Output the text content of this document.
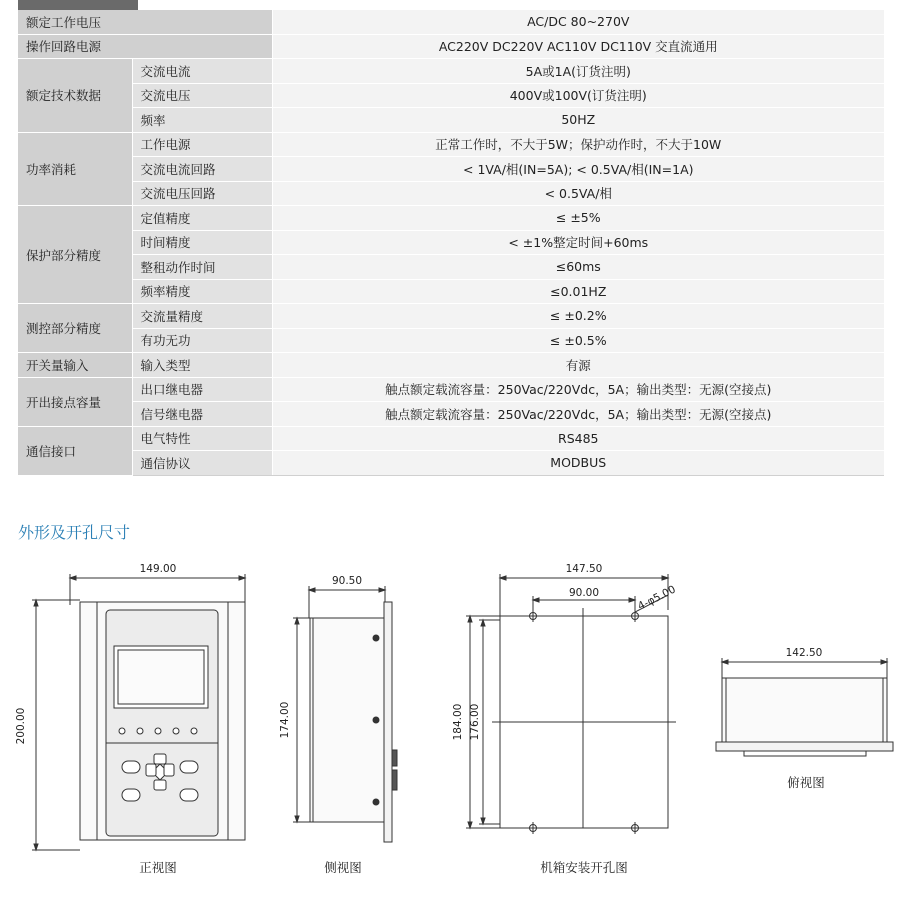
额定工作电压		AC/DC 80~270V
操作回路电源		AC220V DC220V AC110V DC110V 交直流通用
额定技术数据	交流电流	5A或1A(订货注明)
	交流电压	400V或100V(订货注明)
	频率	50HZ
功率消耗	工作电源	正常工作时，不大于5W；保护动作时，不大于10W
	交流电流回路	< 1VA/相(IN=5A); < 0.5VA/相(IN=1A)
	交流电压回路	< 0.5VA/相
保护部分精度	定值精度	≤ ±5%
	时间精度	< ±1%整定时间+60ms
	整租动作时间	≤60ms
	频率精度	≤0.01HZ
测控部分精度	交流量精度	≤ ±0.2%
	有功无功	≤ ±0.5%
开关量输入	输入类型	有源
开出接点容量	出口继电器	触点额定载流容量：250Vac/220Vdc，5A；输出类型：无源(空接点)
	信号继电器	触点额定载流容量：250Vac/220Vdc，5A；输出类型：无源(空接点)
通信接口	电气特性	RS485
	通信协议	MODBUS
外形及开孔尺寸
149.00
200.00
90.50
174.00
147.50
90.00	4-φ5.00
184.00 176.00
142.50
正视图	侧视图	机箱安装开孔图
俯视图
